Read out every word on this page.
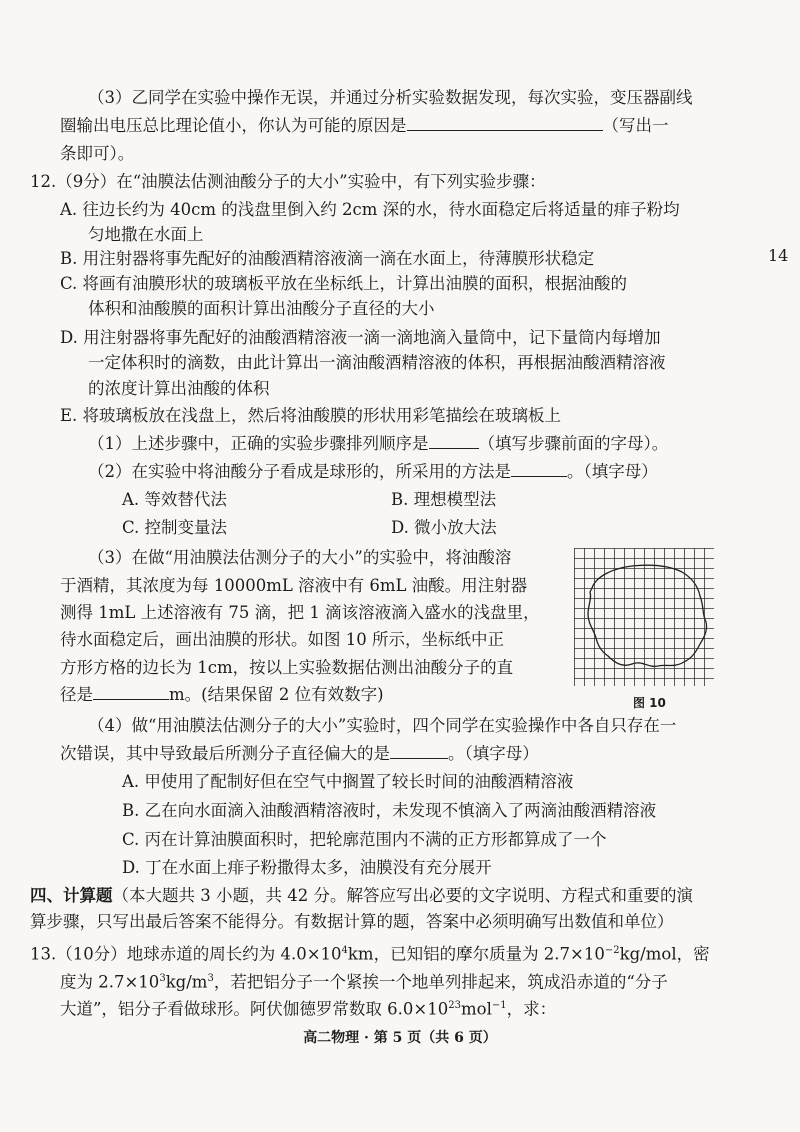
14
（3）乙同学在实验中操作无误，并通过分析实验数据发现，每次实验，变压器副线
圈输出电压总比理论值小，你认为可能的原因是	（写出一
条即可）。
12.（9分）在“油膜法估测油酸分子的大小”实验中，有下列实验步骤：
A. 往边长约为 40cm 的浅盘里倒入约 2cm 深的水，待水面稳定后将适量的痱子粉均
匀地撒在水面上
B. 用注射器将事先配好的油酸酒精溶液滴一滴在水面上，待薄膜形状稳定
C. 将画有油膜形状的玻璃板平放在坐标纸上，计算出油膜的面积，根据油酸的
体积和油酸膜的面积计算出油酸分子直径的大小
D. 用注射器将事先配好的油酸酒精溶液一滴一滴地滴入量筒中，记下量筒内每增加
一定体积时的滴数，由此计算出一滴油酸酒精溶液的体积，再根据油酸酒精溶液
的浓度计算出油酸的体积
E. 将玻璃板放在浅盘上，然后将油酸膜的形状用彩笔描绘在玻璃板上
（1）上述步骤中，正确的实验步骤排列顺序是	（填写步骤前面的字母）。
（2）在实验中将油酸分子看成是球形的，所采用的方法是	。（填字母）
A. 等效替代法	B. 理想模型法
C. 控制变量法	D. 微小放大法
（3）在做“用油膜法估测分子的大小”的实验中，将油酸溶
于酒精，其浓度为每 10000mL 溶液中有 6mL 油酸。用注射器
测得 1mL 上述溶液有 75 滴，把 1 滴该溶液滴入盛水的浅盘里，
待水面稳定后，画出油膜的形状。如图 10 所示，坐标纸中正
方形方格的边长为 1cm，按以上实验数据估测出油酸分子的直
径是	m。(结果保留 2 位有效数字)	图 10
（4）做“用油膜法估测分子的大小”实验时，四个同学在实验操作中各自只存在一
次错误，其中导致最后所测分子直径偏大的是	。（填字母）
A. 甲使用了配制好但在空气中搁置了较长时间的油酸酒精溶液
B. 乙在向水面滴入油酸酒精溶液时，未发现不慎滴入了两滴油酸酒精溶液
C. 丙在计算油膜面积时，把轮廓范围内不满的正方形都算成了一个
D. 丁在水面上痱子粉撒得太多，油膜没有充分展开
四、计算题（本大题共 3 小题，共 42 分。解答应写出必要的文字说明、方程式和重要的演
算步骤，只写出最后答案不能得分。有数据计算的题，答案中必须明确写出数值和单位）
13.（10分）地球赤道的周长约为 $4.0\times 10^4km$，已知铝的摩尔质量为 $2.7\times 10^{-2}kg$/mol，密
度为 $2.7\times 10^3kg/m^3$，若把铝分子一个紧挨一个地单列排起来，筑成沿赤道的“分子
大道”，铝分子看做球形。阿伏伽德罗常数取 $6.0\times 10^{23}mol^{-1}$，求：
高二物理 · 第 5 页（共 6 页）
